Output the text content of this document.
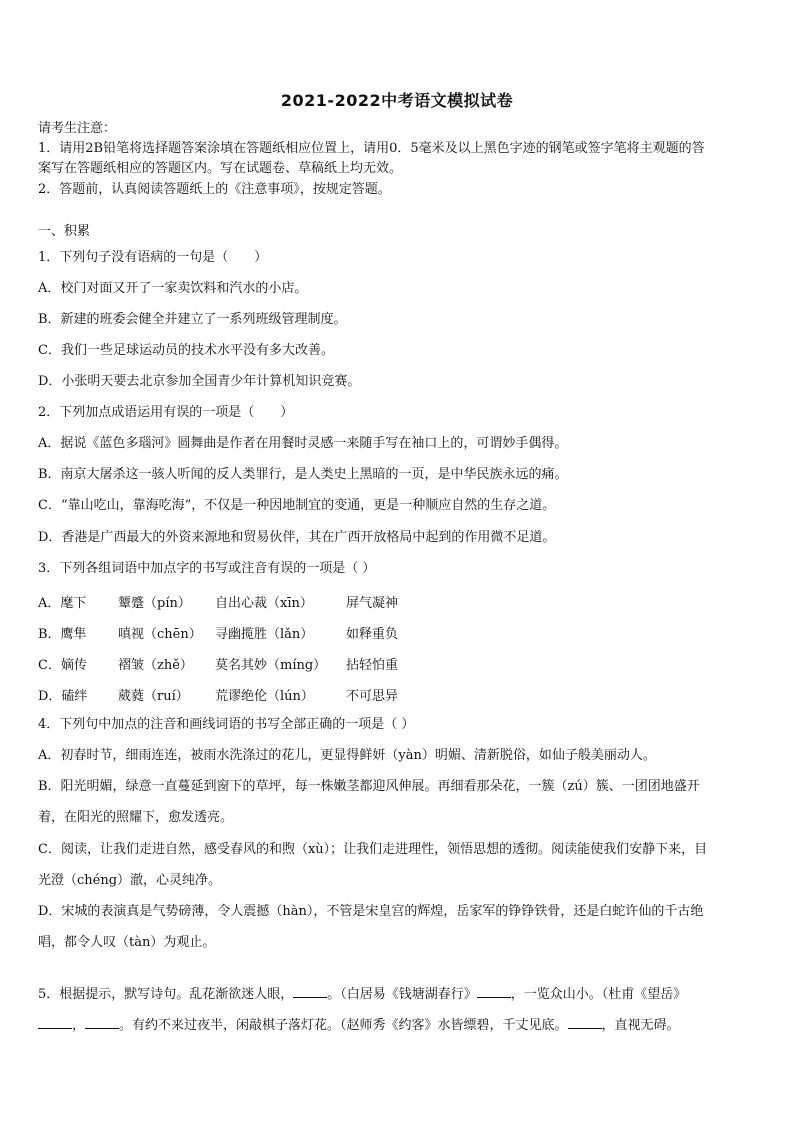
2021-2022中考语文模拟试卷
请考生注意：
1．请用2B铅笔将选择题答案涂填在答题纸相应位置上，请用0．5毫米及以上黑色字迹的钢笔或签字笔将主观题的答
案写在答题纸相应的答题区内。写在试题卷、草稿纸上均无效。
2．答题前，认真阅读答题纸上的《注意事项》，按规定答题。
一、积累
1．下列句子没有语病的一句是（　　）
A．校门对面又开了一家卖饮料和汽水的小店。
B．新建的班委会健全并建立了一系列班级管理制度。
C．我们一些足球运动员的技术水平没有多大改善。
D．小张明天要去北京参加全国青少年计算机知识竞赛。
2．下列加点成语运用有误的一项是（　　）
A．据说《蓝色多瑙河》圆舞曲是作者在用餐时灵感一来随手写在袖口上的，可谓妙手偶得。
B．南京大屠杀这一骇人听闻的反人类罪行，是人类史上黑暗的一页，是中华民族永远的痛。
C．“靠山吃山，靠海吃海”，不仅是一种因地制宜的变通，更是一种顺应自然的生存之道。
D．香港是广西最大的外资来源地和贸易伙伴，其在广西开放格局中起到的作用微不足道。
3．下列各组词语中加点字的书写或注音有误的一项是（ ）
A．麾下 颦蹙（pín） 自出心裁（xīn）	屏气凝神
B．鹰隼 嗔视（chēn） 寻幽揽胜（lǎn）	如释重负
C．嫡传 褶皱（zhě） 莫名其妙（míng） 拈轻怕重
D．磕绊 葳蕤（ruí） 荒谬绝伦（lún） 不可思异
4．下列句中加点的注音和画线词语的书写全部正确的一项是（ ）
A．初春时节，细雨连连，被雨水洗涤过的花儿，更显得鲜妍（yàn）明媚、清新脱俗，如仙子般美丽动人。
B．阳光明媚，绿意一直蔓延到窗下的草坪，每一株嫩茎都迎风伸展。再细看那朵花，一簇（zú）簇、一团团地盛开
着，在阳光的照耀下，愈发透亮。
C．阅读，让我们走进自然，感受春风的和煦（xù）；让我们走进理性，领悟思想的透彻。阅读能使我们安静下来，目
光澄（chéng）澈，心灵纯净。
D．宋城的表演真是气势磅薄，令人震撼（hàn），不管是宋皇宫的辉煌，岳家军的铮铮铁骨，还是白蛇许仙的千古绝
唱，都令人叹（tàn）为观止。
5．根据提示，默写诗句。乱花渐欲迷人眼，	。（白居易《钱塘湖春行》	，一览众山小。（杜甫《望岳》
，	。有约不来过夜半，闲敲棋子落灯花。（赵师秀《约客》水皆缥碧，千丈见底。	，直视无碍。
